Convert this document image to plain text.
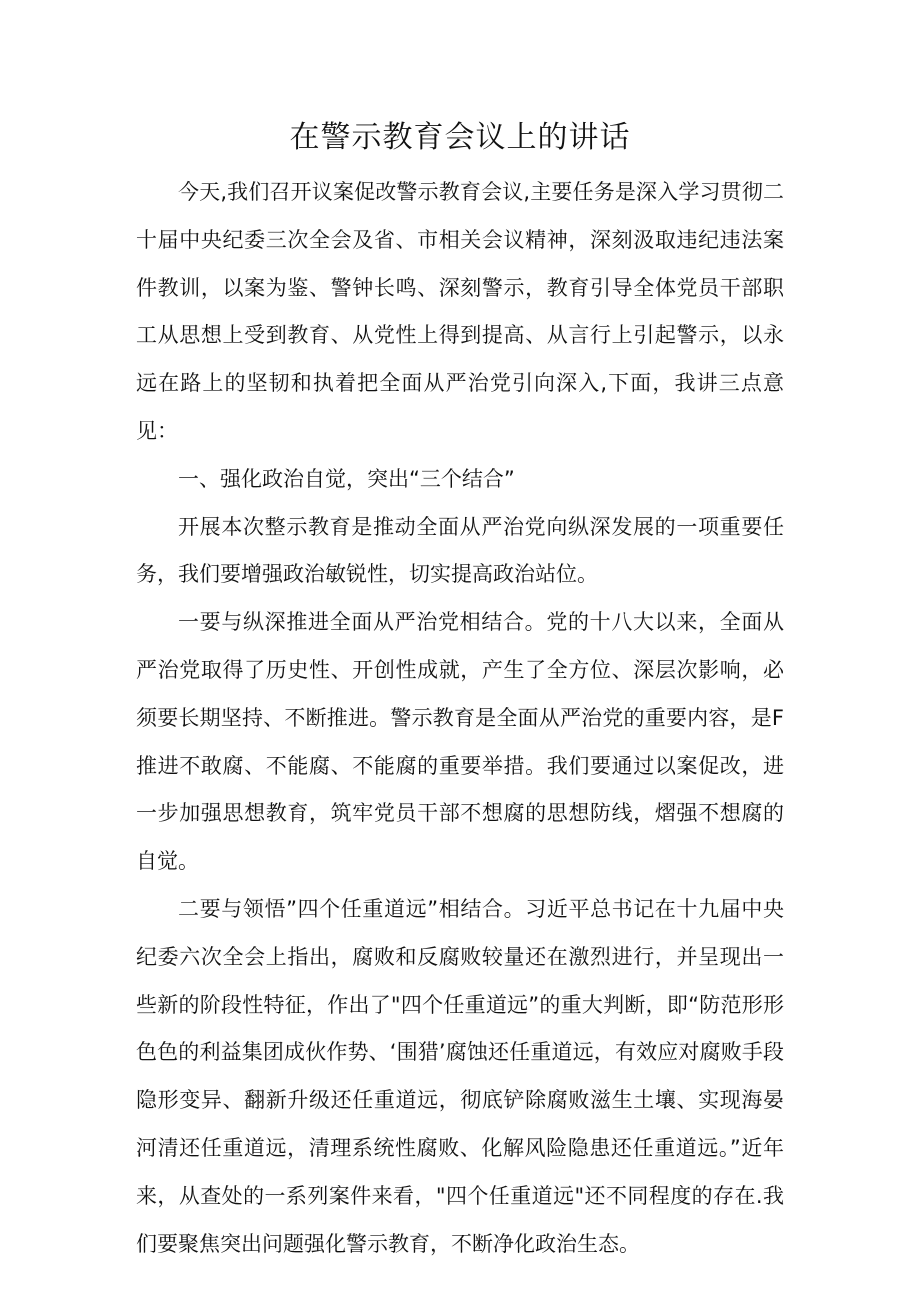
在警示教育会议上的讲话

今天,我们召开议案促改警示教育会议,主要任务是深入学习贯彻二十届中央纪委三次全会及省、市相关会议精神，深刻汲取违纪违法案件教训，以案为鉴、警钟长鸣、深刻警示，教育引导全体党员干部职工从思想上受到教育、从党性上得到提高、从言行上引起警示，以永远在路上的坚韧和执着把全面从严治党引向深入,下面，我讲三点意见：

一、强化政治自觉，突出“三个结合”

开展本次整示教育是推动全面从严治党向纵深发展的一项重要任务，我们要增强政治敏锐性，切实提高政治站位。

一要与纵深推进全面从严治党相结合。党的十八大以来，全面从严治党取得了历史性、开创性成就，产生了全方位、深层次影响，必须要长期坚持、不断推进。警示教育是全面从严治党的重要内容，是F推进不敢腐、不能腐、不能腐的重要举措。我们要通过以案促改，进一步加强思想教育，筑牢党员干部不想腐的思想防线，熠强不想腐的自觉。

二要与领悟”四个任重道远”相结合。习近平总书记在十九届中央纪委六次全会上指出，腐败和反腐败较量还在激烈进行，并呈现出一些新的阶段性特征，作出了"四个任重道远”的重大判断，即“防范形形色色的利益集团成伙作势、‘围猎’腐蚀还任重道远，有效应对腐败手段隐形变异、翻新升级还任重道远，彻底铲除腐败滋生土壤、实现海晏河清还任重道远，清理系统性腐败、化解风险隐患还任重道远。”近年来，从查处的一系列案件来看，"四个任重道远"还不同程度的存在.我们要聚焦突出问题强化警示教育，不断净化政治生态。
